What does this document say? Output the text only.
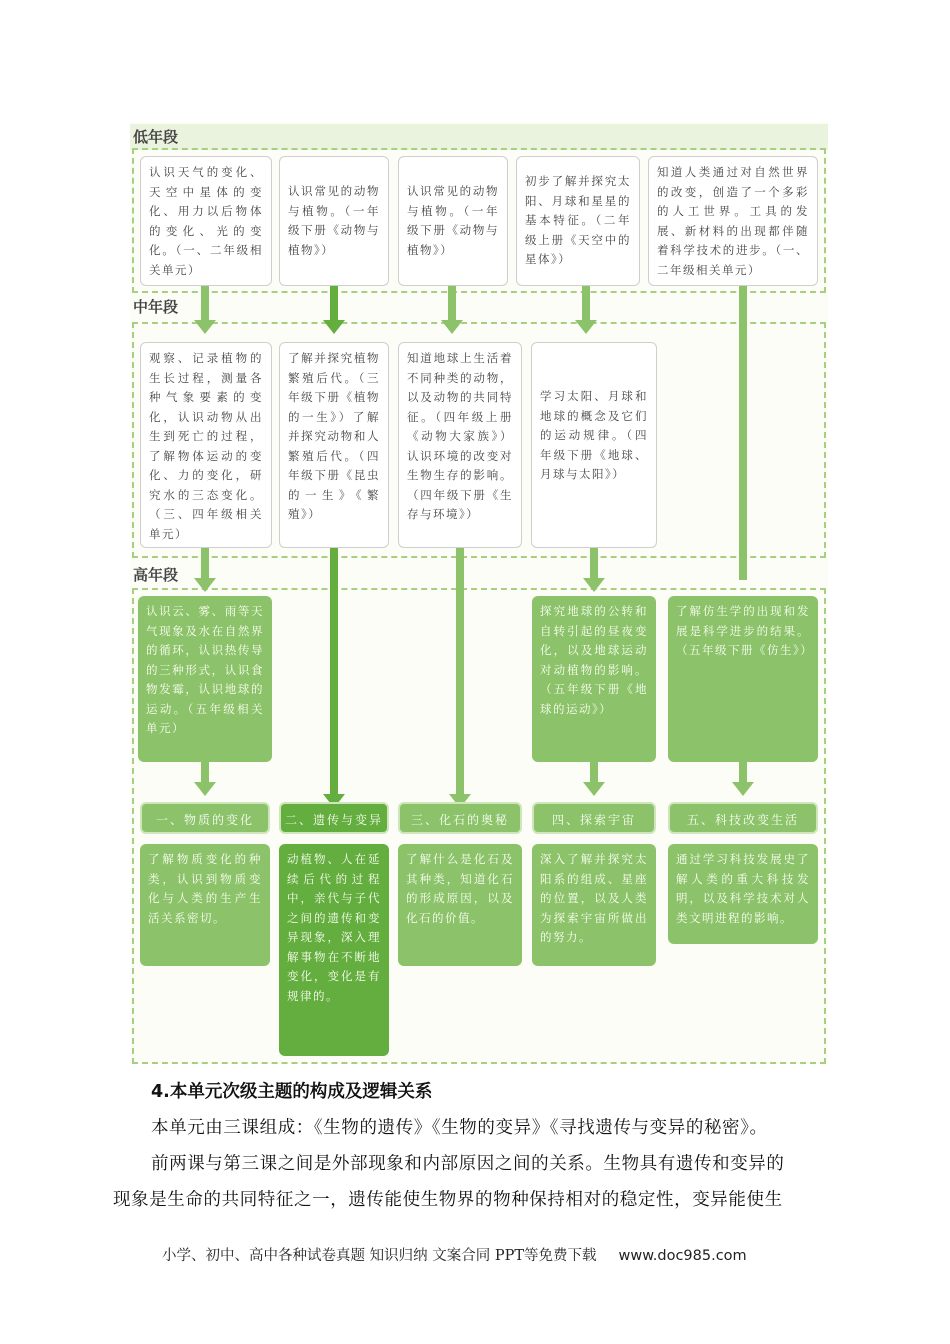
低年段
中年段
高年段
认识天气的变化、天空中星体的变化、用力以后物体的变化、光的变化。（一、二年级相关单元）
认识常见的动物与植物。（一年级下册《动物与植物》）
认识常见的动物与植物。（一年级下册《动物与植物》）
初步了解并探究太阳、月球和星星的基本特征。（二年级上册《天空中的星体》）
知道人类通过对自然世界的改变，创造了一个多彩的人工世界。工具的发展、新材料的出现都伴随着科学技术的进步。（一、二年级相关单元）
观察、记录植物的生长过程，测量各种气象要素的变化，认识动物从出生到死亡的过程，了解物体运动的变化、力的变化，研究水的三态变化。（三、四年级相关单元）
了解并探究植物繁殖后代。（三年级下册《植物的一生》）了解并探究动物和人繁殖后代。（四年级下册《昆虫的一生》《繁殖》）
知道地球上生活着不同种类的动物，以及动物的共同特征。（四年级上册《动物大家族》）认识环境的改变对生物生存的影响。（四年级下册《生存与环境》）
学习太阳、月球和地球的概念及它们的运动规律。（四年级下册《地球、月球与太阳》）
认识云、雾、雨等天气现象及水在自然界的循环，认识热传导的三种形式，认识食物发霉，认识地球的运动。（五年级相关单元）
探究地球的公转和自转引起的昼夜变化，以及地球运动对动植物的影响。（五年级下册《地球的运动》）
了解仿生学的出现和发展是科学进步的结果。（五年级下册《仿生》）
一、物质的变化	二、遗传与变异	三、化石的奥秘	四、探索宇宙	五、科技改变生活
了解物质变化的种类，认识到物质变化与人类的生产生活关系密切。
动植物、人在延续后代的过程中，亲代与子代之间的遗传和变异现象，深入理解事物在不断地变化，变化是有规律的。
了解什么是化石及其种类，知道化石的形成原因，以及化石的价值。
深入了解并探究太阳系的组成、星座的位置，以及人类为探索宇宙所做出的努力。
通过学习科技发展史了解人类的重大科技发明，以及科学技术对人类文明进程的影响。
4.本单元次级主题的构成及逻辑关系
本单元由三课组成：《生物的遗传》《生物的变异》《寻找遗传与变异的秘密》。
前两课与第三课之间是外部现象和内部原因之间的关系。生物具有遗传和变异的
现象是生命的共同特征之一，遗传能使生物界的物种保持相对的稳定性，变异能使生
小学、初中、高中各种试卷真题 知识归纳 文案合同 PPT等免费下载 www.doc985.com
